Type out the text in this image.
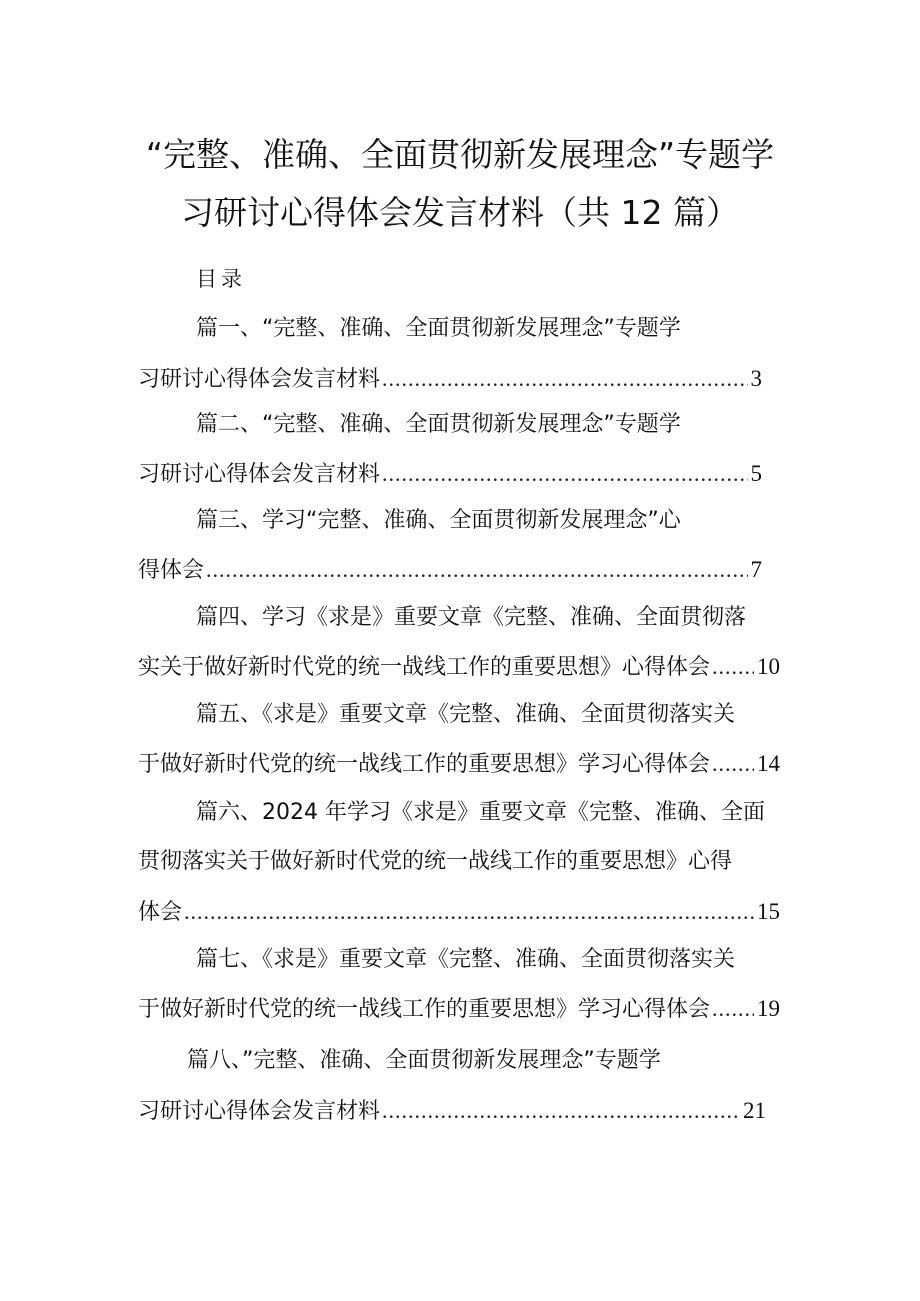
“完整、准确、全面贯彻新发展理念”专题学
习研讨心得体会发言材料（共 12 篇）
目录
篇一、“完整、准确、全面贯彻新发展理念”专题学
习研讨心得体会发言材料 .....	3
篇二、“完整、准确、全面贯彻新发展理念”专题学
习研讨心得体会发言材料 .....	5
篇三、学习“完整、准确、全面贯彻新发展理念”心
得体会 .....	7
篇四、学习《求是》重要文章《完整、准确、全面贯彻落
实关于做好新时代党的统一战线工作的重要思想》心得体会 ..... 10
篇五、《求是》重要文章《完整、准确、全面贯彻落实关
于做好新时代党的统一战线工作的重要思想》学习心得体会 ..... 14
篇六、2024 年学习《求是》重要文章《完整、准确、全面
贯彻落实关于做好新时代党的统一战线工作的重要思想》心得
体会 .....	15
篇七、《求是》重要文章《完整、准确、全面贯彻落实关
于做好新时代党的统一战线工作的重要思想》学习心得体会 ..... 19
篇八、”完整、准确、全面贯彻新发展理念”专题学
习研讨心得体会发言材料 .....	21
